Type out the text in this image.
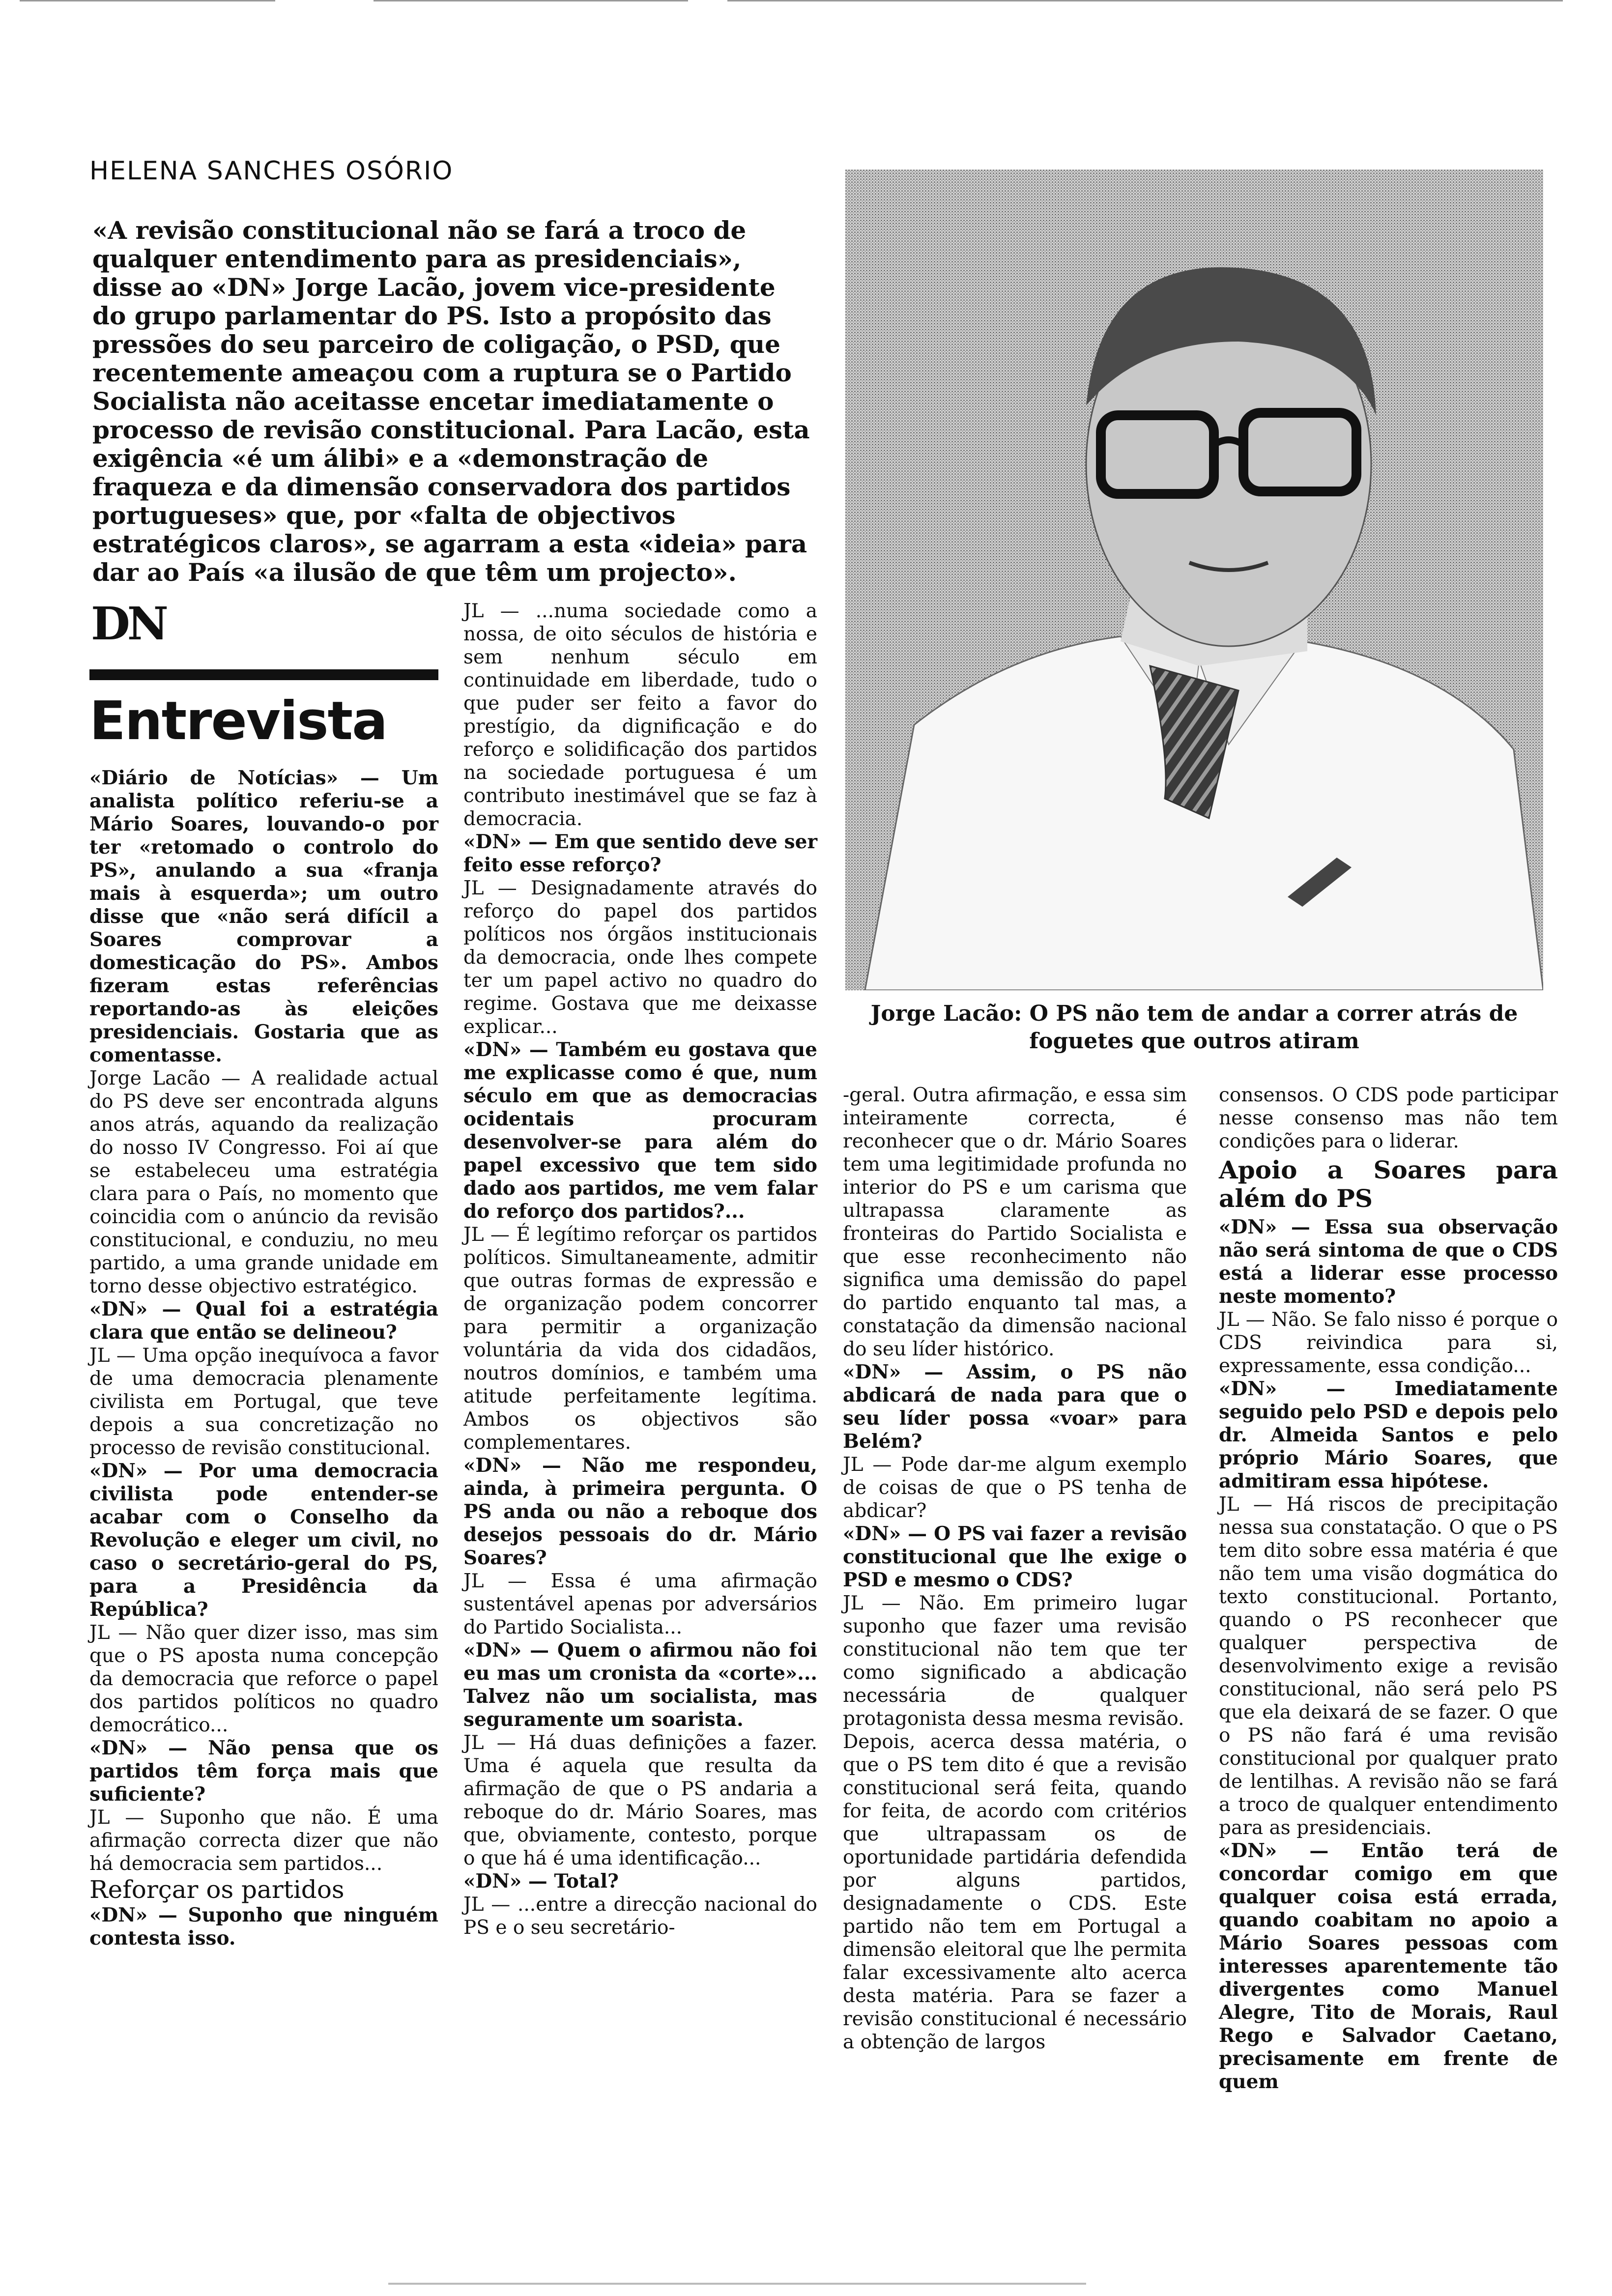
HELENA SANCHES OSÓRIO

«A revisão constitucional não se fará a troco de qualquer entendimento para as presidenciais», disse ao «DN» Jorge Lacão, jovem vice-presidente do grupo parlamentar do PS. Isto a propósito das pressões do seu parceiro de coligação, o PSD, que recentemente ameaçou com a ruptura se o Partido Socialista não aceitasse encetar imediatamente o processo de revisão constitucional. Para Lacão, esta exigência «é um álibi» e a «demonstração de fraqueza e da dimensão conservadora dos partidos portugueses» que, por «falta de objectivos estratégicos claros», se agarram a esta «ideia» para dar ao País «a ilusão de que têm um projecto».

DN
Entrevista
Jorge Lacão: O PS não tem de andar a correr atrás de foguetes que outros atiram

«Diário de Notícias» — Um analista político referiu-se a Mário Soares, louvando-o por ter «retomado o controlo do PS», anulando a sua «franja mais à esquerda»; um outro disse que «não será difícil a Soares comprovar a domesticação do PS». Ambos fizeram estas referências reportando-as às eleições presidenciais. Gostaria que as comentasse.

Jorge Lacão — A realidade actual do PS deve ser encontrada alguns anos atrás, aquando da realização do nosso IV Congresso. Foi aí que se estabeleceu uma estratégia clara para o País, no momento que coincidia com o anúncio da revisão constitucional, e conduziu, no meu partido, a uma grande unidade em torno desse objectivo estratégico.

«DN» — Qual foi a estratégia clara que então se delineou?

JL — Uma opção inequívoca a favor de uma democracia plenamente civilista em Portugal, que teve depois a sua concretização no processo de revisão constitucional.

«DN» — Por uma democracia civilista pode entender-se acabar com o Conselho da Revolução e eleger um civil, no caso o secretário-geral do PS, para a Presidência da República?

JL — Não quer dizer isso, mas sim que o PS aposta numa concepção da democracia que reforce o papel dos partidos políticos no quadro democrático...

«DN» — Não pensa que os partidos têm força mais que suficiente?

JL — Suponho que não. É uma afirmação correcta dizer que não há democracia sem partidos...

Reforçar os partidos

«DN» — Suponho que ninguém contesta isso.

JL — ...numa sociedade como a nossa, de oito séculos de história e sem nenhum século em continuidade em liberdade, tudo o que puder ser feito a favor do prestígio, da dignificação e do reforço e solidificação dos partidos na sociedade portuguesa é um contributo inestimável que se faz à democracia.

«DN» — Em que sentido deve ser feito esse reforço?

JL — Designadamente através do reforço do papel dos partidos políticos nos órgãos institucionais da democracia, onde lhes compete ter um papel activo no quadro do regime. Gostava que me deixasse explicar...

«DN» — Também eu gostava que me explicasse como é que, num século em que as democracias ocidentais procuram desenvolver-se para além do papel excessivo que tem sido dado aos partidos, me vem falar do reforço dos partidos?...

JL — É legítimo reforçar os partidos políticos. Simultaneamente, admitir que outras formas de expressão e de organização podem concorrer para permitir a organização voluntária da vida dos cidadãos, noutros domínios, e também uma atitude perfeitamente legítima. Ambos os objectivos são complementares.

«DN» — Não me respondeu, ainda, à primeira pergunta. O PS anda ou não a reboque dos desejos pessoais do dr. Mário Soares?

JL — Essa é uma afirmação sustentável apenas por adversários do Partido Socialista...

«DN» — Quem o afirmou não foi eu mas um cronista da «corte»... Talvez não um socialista, mas seguramente um soarista.

JL — Há duas definições a fazer. Uma é aquela que resulta da afirmação de que o PS andaria a reboque do dr. Mário Soares, mas que, obviamente, contesto, porque o que há é uma identificação...

«DN» — Total?

JL — ...entre a direcção nacional do PS e o seu secretário-

-geral. Outra afirmação, e essa sim inteiramente correcta, é reconhecer que o dr. Mário Soares tem uma legitimidade profunda no interior do PS e um carisma que ultrapassa claramente as fronteiras do Partido Socialista e que esse reconhecimento não significa uma demissão do papel do partido enquanto tal mas, a constatação da dimensão nacional do seu líder histórico.

«DN» — Assim, o PS não abdicará de nada para que o seu líder possa «voar» para Belém?

JL — Pode dar-me algum exemplo de coisas de que o PS tenha de abdicar?

«DN» — O PS vai fazer a revisão constitucional que lhe exige o PSD e mesmo o CDS?

JL — Não. Em primeiro lugar suponho que fazer uma revisão constitucional não tem que ter como significado a abdicação necessária de qualquer protagonista dessa mesma revisão.

Depois, acerca dessa matéria, o que o PS tem dito é que a revisão constitucional será feita, quando for feita, de acordo com critérios que ultrapassam os de oportunidade partidária defendida por alguns partidos, designadamente o CDS. Este partido não tem em Portugal a dimensão eleitoral que lhe permita falar excessivamente alto acerca desta matéria. Para se fazer a revisão constitucional é necessário a obtenção de largos

consensos. O CDS pode participar nesse consenso mas não tem condições para o liderar.

Apoio a Soares para além do PS

«DN» — Essa sua observação não será sintoma de que o CDS está a liderar esse processo neste momento?

JL — Não. Se falo nisso é porque o CDS reivindica para si, expressamente, essa condição...

«DN» — Imediatamente seguido pelo PSD e depois pelo dr. Almeida Santos e pelo próprio Mário Soares, que admitiram essa hipótese.

JL — Há riscos de precipitação nessa sua constatação. O que o PS tem dito sobre essa matéria é que não tem uma visão dogmática do texto constitucional. Portanto, quando o PS reconhecer que qualquer perspectiva de desenvolvimento exige a revisão constitucional, não será pelo PS que ela deixará de se fazer. O que o PS não fará é uma revisão constitucional por qualquer prato de lentilhas. A revisão não se fará a troco de qualquer entendimento para as presidenciais.

«DN» — Então terá de concordar comigo em que qualquer coisa está errada, quando coabitam no apoio a Mário Soares pessoas com interesses aparentemente tão divergentes como Manuel Alegre, Tito de Morais, Raul Rego e Salvador Caetano, precisamente em frente de quem
